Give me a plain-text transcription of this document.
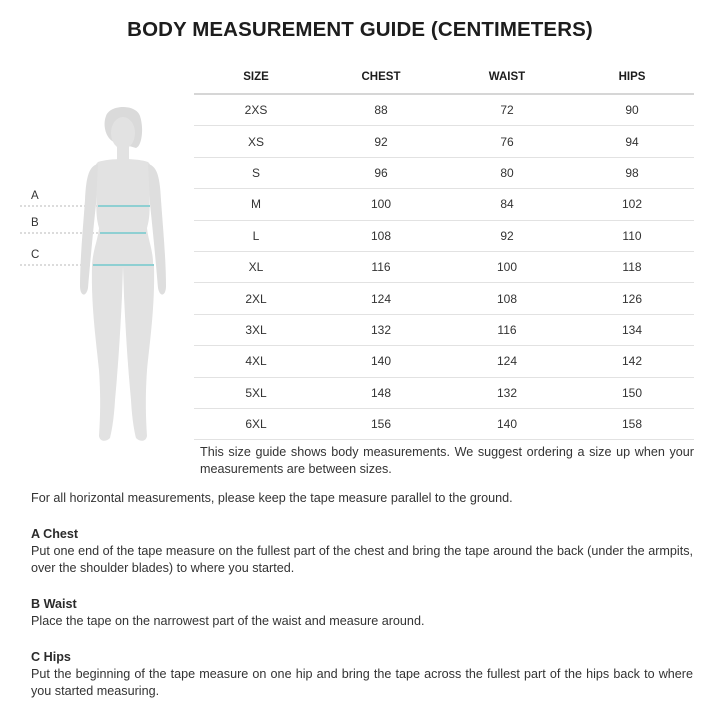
BODY MEASUREMENT GUIDE (CENTIMETERS)
A
B
C
SIZE	CHEST	WAIST	HIPS
2XS	88	72	90
XS	92	76	94
S	96	80	98
M	100	84	102
L	108	92	110
XL	116	100	118
2XL	124	108	126
3XL	132	116	134
4XL	140	124	142
5XL	148	132	150
6XL	156	140	158
This size guide shows body measurements. We suggest ordering a size up when your measurements are between sizes.
For all horizontal measurements, please keep the tape measure parallel to the ground.
A Chest
Put one end of the tape measure on the fullest part of the chest and bring the tape around the back (under the armpits, over the shoulder blades) to where you started.
B Waist
Place the tape on the narrowest part of the waist and measure around.
C Hips
Put the beginning of the tape measure on one hip and bring the tape across the fullest part of the hips back to where you started measuring.
